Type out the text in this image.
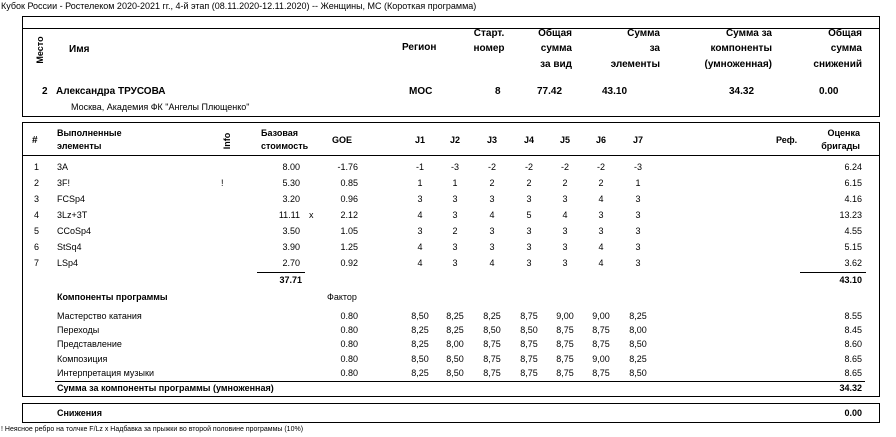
Кубок России - Ростелеком 2020-2021 гг., 4-й этап (08.11.2020-12.11.2020) -- Женщины, МС (Короткая программа)
Место Имя	Регион
Старт.
номер
Общая
сумма
за вид
Сумма
за
элементы
Сумма за
компоненты
(умноженная)
Общая
сумма
снижений
2 Александра ТРУСОВА
Москва, Академия ФК "Ангелы Плющенко"
МОС	8	77.42	43.10	34.32	0.00
#
Выполненные
элементы	Info	Базовая
стоимость
GOE	J1	J2	J3	J4	J5	J6	J7	Реф.
Оценка
бригады
1 3A	8.00	-1.76	-1	-3	-2	-2	-2	-2	-3	6.24
2 3F!	!	5.30	0.85	1	1	2	2	2	2	1	6.15
3 FCSp4	3.20	0.96	3	3	3	3	3	4	3	4.16
4 3Lz+3T	11.11 x	2.12	4	3	4	5	4	3	3	13.23
5 CCoSp4	3.50	1.05	3	2	3	3	3	3	3	4.55
6 StSq4	3.90	1.25	4	3	3	3	3	4	3	5.15
7 LSp4	2.70	0.92	4	3	4	3	3	4	3	3.62
37.71	43.10
Компоненты программы	Фактор
Мастерство катания	0.80	8,50	8,25	8,25	8,75	9,00	9,00	8,25	8.55
Переходы	0.80	8,25	8,25	8,50	8,50	8,75	8,75	8,00	8.45
Представление	0.80	8,25	8,00	8,75	8,75	8,75	8,75	8,50	8.60
Композиция	0.80	8,50	8,50	8,75	8,75	8,75	9,00	8,25	8.65
Интерпретация музыки	0.80	8,25	8,50	8,75	8,75	8,75	8,75	8,50	8.65
Сумма за компоненты программы (умноженная)	34.32
Снижения	0.00
! Неясное ребро на толчке F/Lz x Надбавка за прыжки во второй половине программы (10%)
